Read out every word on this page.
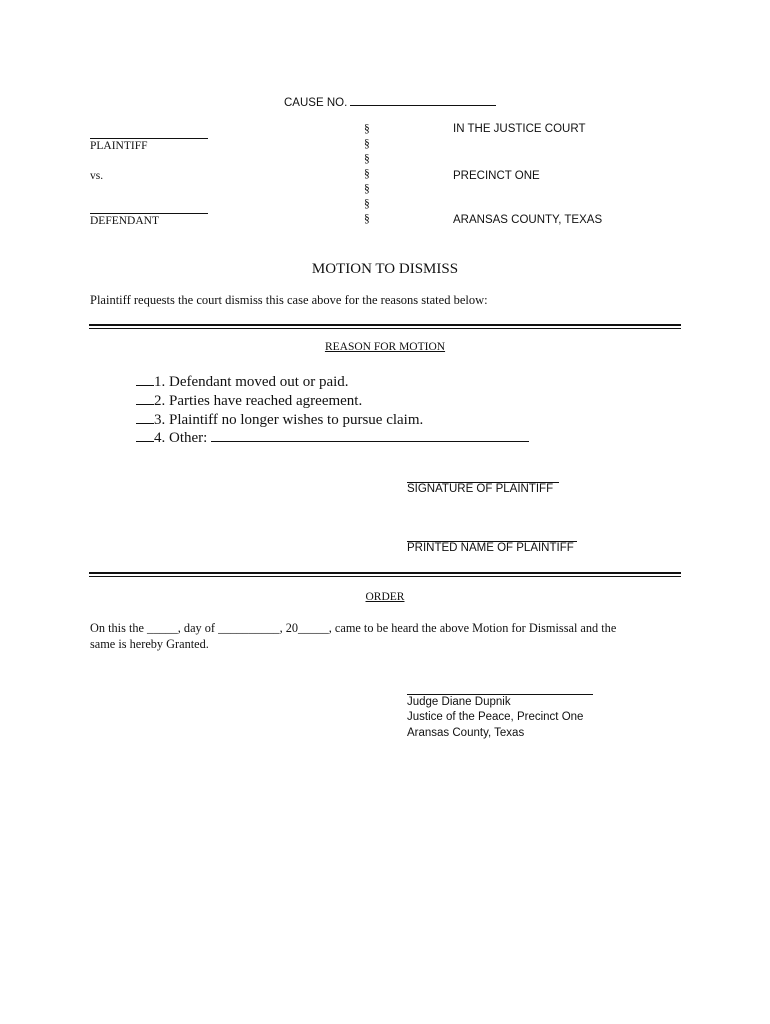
CAUSE NO.
PLAINTIFF
vs.
DEFENDANT
§
§
§
§
§
§
§
IN THE JUSTICE COURT
PRECINCT ONE
ARANSAS COUNTY, TEXAS
MOTION TO DISMISS
Plaintiff requests the court dismiss this case above for the reasons stated below:
REASON FOR MOTION
1. Defendant moved out or paid.
2. Parties have reached agreement.
3. Plaintiff no longer wishes to pursue claim.
4. Other:
SIGNATURE OF PLAINTIFF
PRINTED NAME OF PLAINTIFF
ORDER
On this the _____, day of __________, 20_____, came to be heard the above Motion for Dismissal and the
same is hereby Granted.
Judge Diane Dupnik
Justice of the Peace, Precinct One
Aransas County, Texas
